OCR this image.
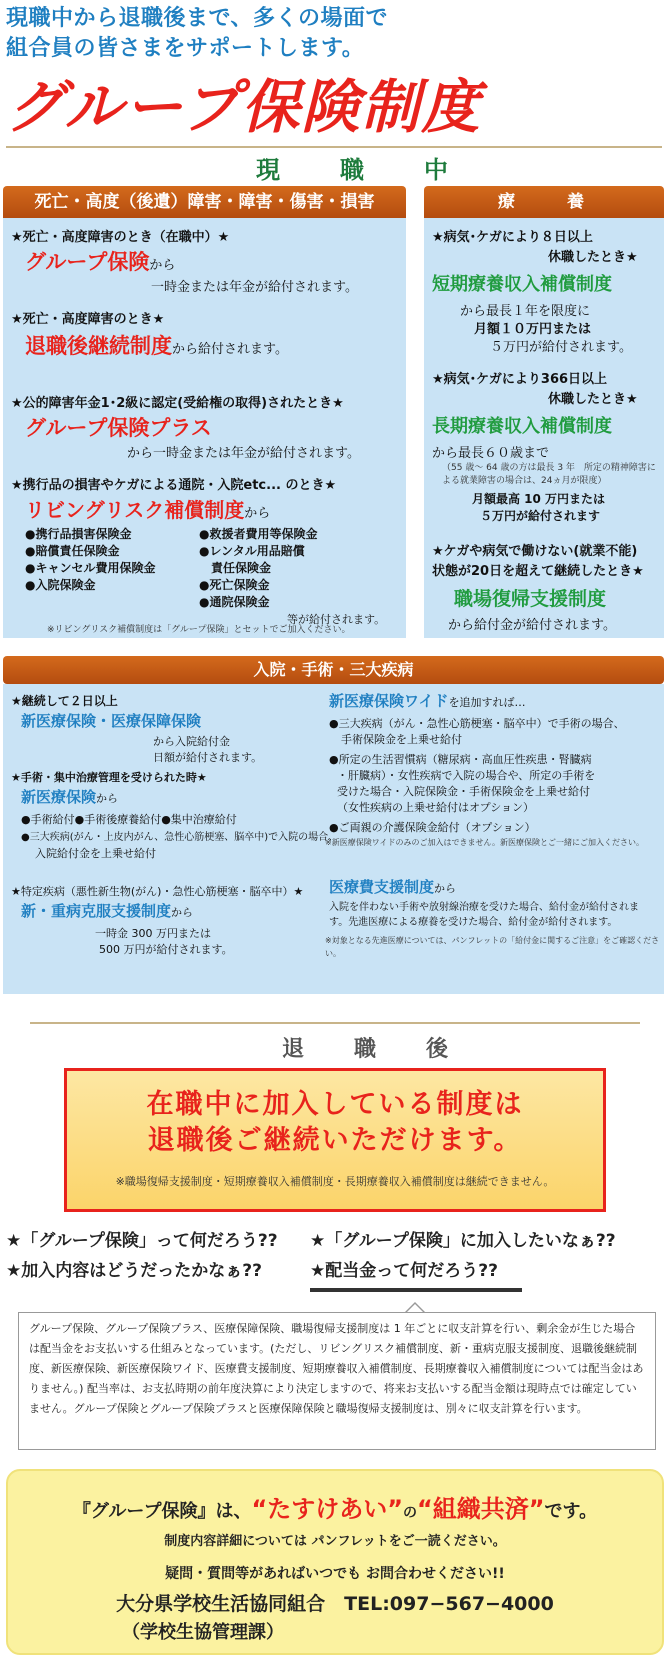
現職中から退職後まで、多くの場面で
組合員の皆さまをサポートします。
グループ保険制度
現　職　中
死亡・高度（後遺）障害・障害・傷害・損害
★死亡・高度障害のとき（在職中）★
グループ保険から
一時金または年金が給付されます。
★死亡・高度障害のとき★
退職後継続制度から給付されます。
★公的障害年金1･2級に認定(受給権の取得)されたとき★
グループ保険プラス
から一時金または年金が給付されます。
★携行品の損害やケガによる通院・入院etc... のとき★
リビングリスク補償制度から
●携行品損害保険金
●賠償責任保険金
●キャンセル費用保険金
●入院保険金
●救援者費用等保険金
●レンタル用品賠償
　責任保険金
●死亡保険金
●通院保険金
等が給付されます。
※リビングリスク補償制度は「グループ保険」とセットでご加入ください。
療　　養
★病気･ケガにより８日以上
休職したとき★
短期療養収入補償制度
から最長１年を限度に
月額１０万円または
５万円が給付されます。
★病気･ケガにより366日以上
休職したとき★
長期療養収入補償制度
から最長６０歳まで
（55 歳～ 64 歳の方は最長 3 年　所定の精神障害による就業障害の場合は、24ヵ月が限度）
月額最高 10 万円または
５万円が給付されます
★ケガや病気で働けない(就業不能)
状態が20日を超えて継続したとき★
職場復帰支援制度
から給付金が給付されます。
入院・手術・三大疾病
★継続して２日以上
新医療保険・医療保障保険
から入院給付金
日額が給付されます。
★手術・集中治療管理を受けられた時★
新医療保険から
●手術給付●手術後療養給付●集中治療給付
●三大疾病(がん・上皮内がん、急性心筋梗塞、脳卒中)で入院の場合、
入院給付金を上乗せ給付
★特定疾病（悪性新生物(がん)・急性心筋梗塞・脳卒中）★
新・重病克服支援制度から
一時金 300 万円または
500 万円が給付されます。
新医療保険ワイドを追加すれば…
●三大疾病（がん・急性心筋梗塞・脳卒中）で手術の場合、
手術保険金を上乗せ給付
●所定の生活習慣病（糖尿病・高血圧性疾患・腎臓病
・肝臓病）・女性疾病で入院の場合や、所定の手術を
受けた場合・入院保険金・手術保険金を上乗せ給付
（女性疾病の上乗せ給付はオプション）
●ご両親の介護保険金給付（オプション）
※新医療保険ワイドのみのご加入はできません。新医療保険とご一緒にご加入ください。
医療費支援制度から
入院を伴わない手術や放射線治療を受けた場合、給付金が給付されます。先進医療による療養を受けた場合、給付金が給付されます。
※対象となる先進医療については、パンフレットの「給付金に関するご注意」をご確認ください。
退　職　後
在職中に加入している制度は
退職後ご継続いただけます。
※職場復帰支援制度・短期療養収入補償制度・長期療養収入補償制度は継続できません。
★「グループ保険」って何だろう?? ★「グループ保険」に加入したいなぁ??
★加入内容はどうだったかなぁ??	★配当金って何だろう??

グループ保険、グループ保険プラス、医療保障保険、職場復帰支援制度は 1 年ごとに収支計算を行い、剰余金が生じた場合は配当金をお支払いする仕組みとなっています。(ただし、リビングリスク補償制度、新・重病克服支援制度、退職後継続制度、新医療保険、新医療保険ワイド、医療費支援制度、短期療養収入補償制度、長期療養収入補償制度については配当金はありません。) 配当率は、お支払時期の前年度決算により決定しますので、将来お支払いする配当金額は現時点では確定していません。グループ保険とグループ保険プラスと医療保障保険と職場復帰支援制度は、別々に収支計算を行います。

『グループ保険』は、“たすけあい”の“組織共済”です。
制度内容詳細については パンフレットをご一読ください。
疑問・質問等があればいつでも お問合わせください!!
大分県学校生活協同組合　TEL:097−567−4000
（学校生協管理課）
